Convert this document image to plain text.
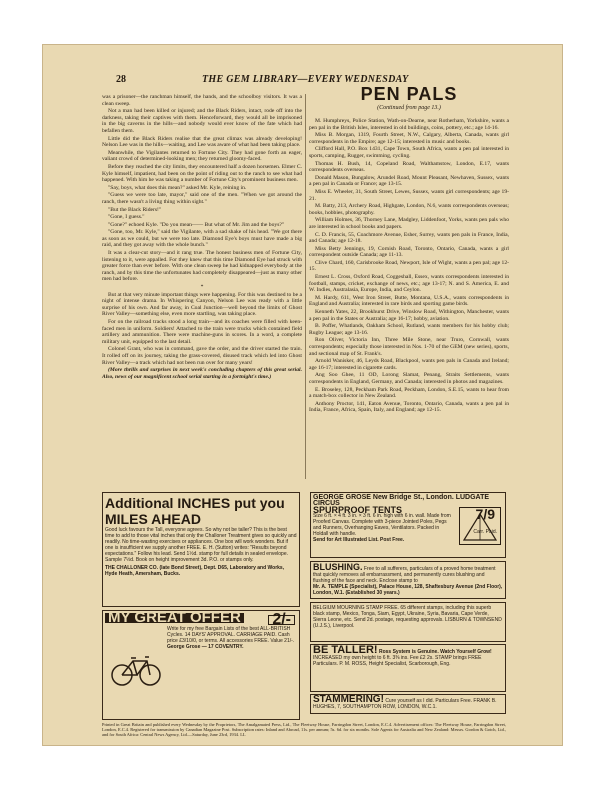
28	THE GEM LIBRARY—EVERY WEDNESDAY

was a prisoner—the ranchman himself, the hands, and the schoolboy visitors. It was a clean sweep.

Not a man had been killed or injured; and the Black Riders, intact, rode off into the darkness, taking their captives with them. Henceforward, they would all be imprisoned in the big caverns in the hills—and nobody would ever know of the fate which had befallen them.

Little did the Black Riders realise that the great climax was already developing! Nelson Lee was in the hills—waiting, and Lee was aware of what had been taking place.

Meanwhile, the Vigilantes returned to Fortune City. They had gone forth an eager, valiant crowd of determined-looking men; they returned gloomy-faced.

Before they reached the city limits, they encountered half a dozen horsemen. Elmer C. Kyle himself, impatient, had been on the point of riding out to the ranch to see what had happened. With him he was taking a number of Fortune City's prominent business men.

"Say, boys, what does this mean?" asked Mr. Kyle, reining in.

"Guess we were too late, mayor," said one of the men. "When we got around the ranch, there wasn't a living thing within sight."

"But the Black Riders!"

"Gone, I guess."

"Gone?" echoed Kyle. "Do you mean—— But what of Mr. Jim and the boys?"

"Gone, too, Mr. Kyle," said the Vigilante, with a sad shake of his head. "We got there as soon as we could, but we were too late. Diamond Eye's boys must have made a big raid, and they got away with the whole bunch."

It was a clear-cut story—and it rang true. The honest business men of Fortune City, listening to it, were appalled. For they knew that this time Diamond Eye had struck with greater force than ever before. With one clean sweep he had kidnapped everybody at the ranch, and by this time the unfortunates had completely disappeared—just as many other men had before.

*

But at that very minute important things were happening. For this was destined to be a night of intense drama. In Whispering Canyon, Nelson Lee was ready with a little surprise of his own. And far away, in Coal Junction—well beyond the limits of Ghost River Valley—something else, even more startling, was taking place.

For on the railroad tracks stood a long train—and its coaches were filled with keen-faced men in uniform. Soldiers! Attached to the train were trucks which contained field artillery and ammunition. There were machine-guns in scores. In a word, a complete military unit, equipped to the last detail.

Colonel Grant, who was in command, gave the order, and the driver started the train. It rolled off on its journey, taking the grass-covered, disused track which led into Ghost River Valley—a track which had not been run over for many years!

(More thrills and surprises in next week's concluding chapters of this great serial. Also, news of our magnificent school serial starting in a fortnight's time.)

PEN PALS
(Continued from page 13.)

M. Humphreys, Police Station, Wath-on-Dearne, near Rotherham, Yorkshire, wants a pen pal in the British Isles, interested in old buildings, coins, pottery, etc.; age 14-16.

Miss B. Morgan, 1319, Fourth Street, N.W., Calgary, Alberta, Canada, wants girl correspondents in the Empire; age 12-15; interested in music and books.

Clifford Hall, P.O. Box 1431, Cape Town, South Africa, wants a pen pal interested in sports, camping, Rugger, swimming, cycling.

Thomas H. Bush, 14, Copeland Road, Walthamstow, London, E.17, wants correspondents overseas.

Donald Mason, Bungalow, Arundel Road, Mount Pleasant, Newhaven, Sussex, wants a pen pal in Canada or France; age 13-15.

Miss E. Wheeler, 31, South Street, Lewes, Sussex, wants girl correspondents; age 19-21.

M. Batty, 213, Archery Road, Highgate, London, N.6, wants correspondents overseas; books, hobbies, photography.

William Holmes, 36, Thorney Lane, Madgley, Liddenfoot, Yorks, wants pen pals who are interested in school books and papers.

C. D. Francis, 55, Coachmore Avenue, Esher, Surrey, wants pen pals in France, India, and Canada; age 12-18.

Miss Betty Jennings, 19, Cornish Road, Toronto, Ontario, Canada, wants a girl correspondent outside Canada; age 11-13.

Clive Chard, 160, Carisbrooke Road, Newport, Isle of Wight, wants a pen pal; age 12-15.

Ernest L. Cross, Oxford Road, Coggeshall, Essex, wants correspondents interested in football, stamps, cricket, exchange of news, etc.; age 13-17; N. and S. America, E. and W. Indies, Australasia, Europe, India, and Ceylon.

M. Hardy, 611, West Iron Street, Butte, Montana, U.S.A., wants correspondents in England and Australia; interested in rare birds and sporting game birds.

Kenneth Yates, 22, Brookhurst Drive, Winslow Road, Withington, Manchester, wants a pen pal in the States or Australia; age 16-17; hobby, aviation.

B. Poffer, Whatlands, Oakham School, Rutland, wants members for his hobby club; Rugby League; age 13-16.

Ron Oliver, Victoria Inn, Three Mile Stone, near Truro, Cornwall, wants correspondents; especially those interested in Nos. 1-70 of the GEM (new series), sports, and sectional map of St. Frank's.

Arnold Wanisker, 46, Leyds Road, Blackpool, wants pen pals in Canada and Ireland; age 16-17; interested in cigarette cards.

Ang Soo Ghee, 11 OD, Lorong Slamat, Penang, Straits Settlements, wants correspondents in England, Germany, and Canada; interested in photos and magazines.

E. Broseley, 128, Peckham Park Road, Peckham, London, S.E.15, wants to hear from a match-box collector in New Zealand.

Anthony Proctor, 141, Eaton Avenue, Toronto, Ontario, Canada, wants a pen pal in India, France, Africa, Spain, Italy, and England; age 12-15.

Additional INCHES put you
MILES AHEAD
Good luck favours the Tall, everyone agrees. So why not be taller? This is the best time to add to those vital inches that only the Challoner Treatment gives so quickly and readily. No time-wasting exercises or appliances. One box will work wonders. But if one is insufficient we supply another FREE. E. H. (Sutton) writes: "Results beyond expectations." Follow his lead. Send 1½d. stamp for full details in sealed envelope. Sample 7½d. Book on height improvement 3d. P.O. or stamps only.
THE CHALLONER CO. (late Bond Street), Dept. D65, Laboratory and Works, Hyde Heath, Amersham, Bucks.
MY GREAT OFFER 2/-
Write for my free Bargain Lists of the best ALL-BRITISH Cycles. 14 DAYS' APPROVAL. CARRIAGE PAID. Cash price £3/10/0, or terms. All accessories FREE. Value 21/-.
George Grose — 17 COVENTRY.
GEORGE GROSE New Bridge St., London. LUDGATE CIRCUS
SPURPROOF TENTS
Size 6 ft. × 4 ft. 3 in. × 3 ft. 6 in. high with 6 in. wall. Made from Proofed Canvas. Complete with 3-piece Jointed Poles, Pegs and Runners, Overhanging Eaves, Ventilators. Packed in Holdall with handle.
Send for Art Illustrated List. Post Free.
7/9
Carr. Paid.
BLUSHING. Free to all sufferers, particulars of a proved home treatment that quickly removes all embarrassment, and permanently cures blushing and flushing of the face and neck. Enclose stamp to
Mr. A. TEMPLE (Specialist), Palace House, 128, Shaftesbury Avenue (2nd Floor), London, W.1. (Established 30 years.)
BELGIUM MOURNING STAMP FREE. 65 different stamps, including this superb black stamp, Mexico, Tonga, Siam, Egypt, Ukraine, Syria, Bavaria, Cape Verde, Sierra Leone, etc. Send 2d. postage, requesting approvals. LISBURN & TOWNSEND (U.J.S.), Liverpool.
BE TALLER! Ross System is Genuine. Watch Yourself Grow!
INCREASED my own height to 6 ft. 3⅜ ins. Fee £2 2s. STAMP brings FREE Particulars. P. M. ROSS, Height Specialist, Scarborough, Eng.
STAMMERING! Cure yourself as I did. Particulars Free. FRANK B. HUGHES, 7, SOUTHAMPTON ROW, LONDON, W.C.1.
Printed in Great Britain and published every Wednesday by the Proprietors, The Amalgamated Press, Ltd., The Fleetway House, Farringdon Street, London, E.C.4. Advertisement offices: The Fleetway House, Farringdon Street, London, E.C.4. Registered for transmission by Canadian Magazine Post. Subscription rates: Inland and Abroad, 11s. per annum; 5s. 6d. for six months. Sole Agents for Australia and New Zealand: Messrs. Gordon & Gotch, Ltd., and for South Africa: Central News Agency, Ltd.—Saturday, June 23rd, 1934. LL
